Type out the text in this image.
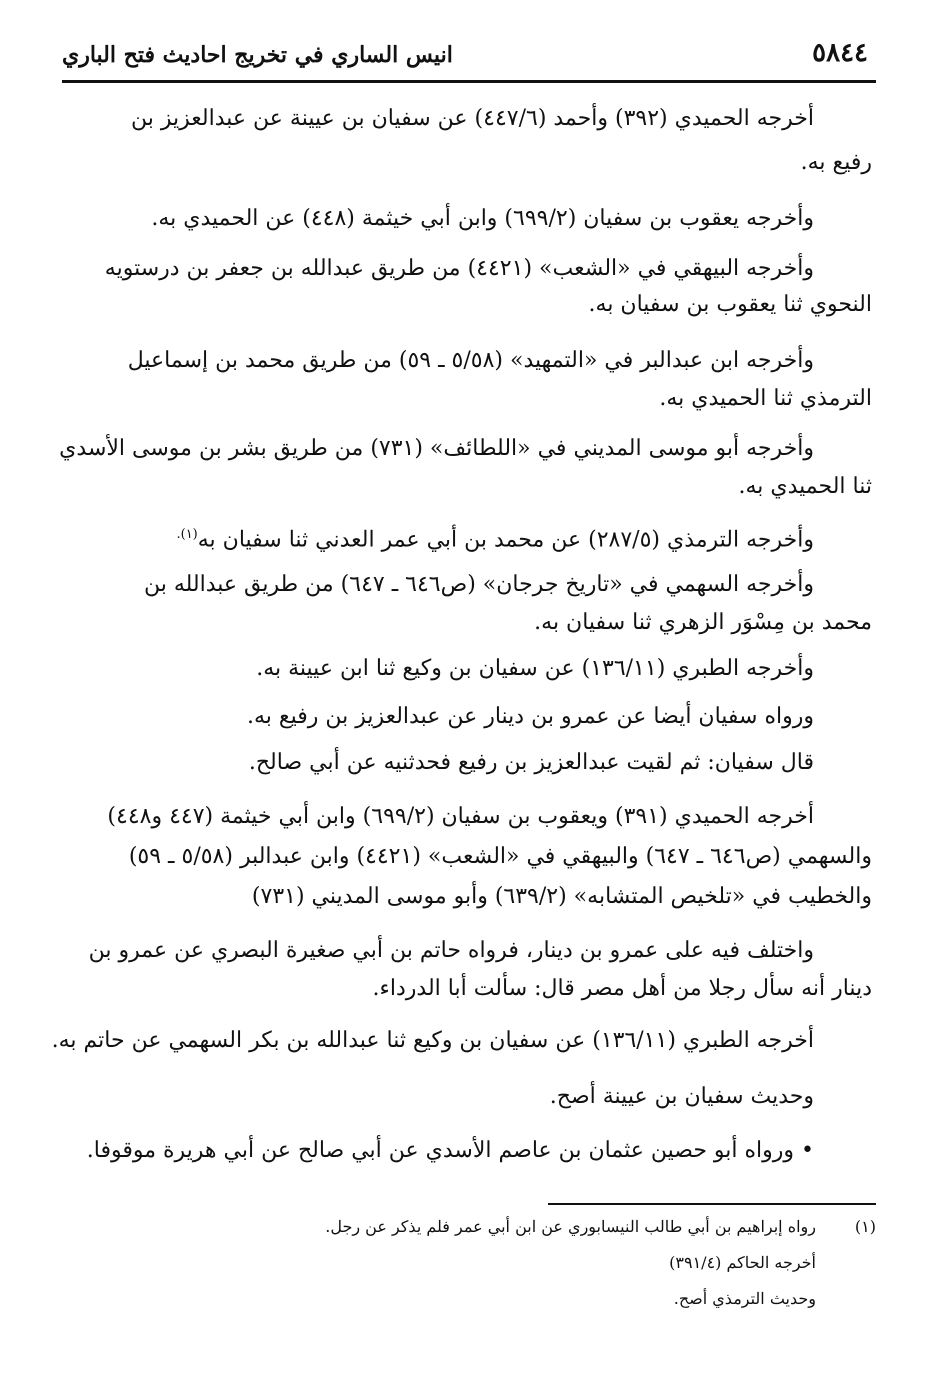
٥٨٤٤
انيس الساري في تخريج احاديث فتح الباري
أخرجه الحميدي (٣٩٢) وأحمد (٤٤٧/٦) عن سفيان بن عيينة عن عبدالعزيز بن
رفيع به.
وأخرجه يعقوب بن سفيان (٦٩٩/٢) وابن أبي خيثمة (٤٤٨) عن الحميدي به.
وأخرجه البيهقي في «الشعب» (٤٤٢١) من طريق عبدالله بن جعفر بن درستويه
النحوي ثنا يعقوب بن سفيان به.
وأخرجه ابن عبدالبر في «التمهيد» (٥/٥٨ ـ ٥٩) من طريق محمد بن إسماعيل
الترمذي ثنا الحميدي به.
وأخرجه أبو موسى المديني في «اللطائف» (٧٣١) من طريق بشر بن موسى الأسدي
ثنا الحميدي به.
وأخرجه الترمذي (٢٨٧/٥) عن محمد بن أبي عمر العدني ثنا سفيان به$^{(١).}$
وأخرجه السهمي في «تاريخ جرجان» (ص٦٤٦ ـ ٦٤٧) من طريق عبدالله بن
محمد بن مِسْوَر الزهري ثنا سفيان به.
وأخرجه الطبري (١٣٦/١١) عن سفيان بن وكيع ثنا ابن عيينة به.
ورواه سفيان أيضا عن عمرو بن دينار عن عبدالعزيز بن رفيع به.
قال سفيان: ثم لقيت عبدالعزيز بن رفيع فحدثنيه عن أبي صالح.
أخرجه الحميدي (٣٩١) ويعقوب بن سفيان (٦٩٩/٢) وابن أبي خيثمة (٤٤٧ و٤٤٨)
والسهمي (ص٦٤٦ ـ ٦٤٧) والبيهقي في «الشعب» (٤٤٢١) وابن عبدالبر (٥/٥٨ ـ ٥٩)
والخطيب في «تلخيص المتشابه» (٦٣٩/٢) وأبو موسى المديني (٧٣١)
واختلف فيه على عمرو بن دينار، فرواه حاتم بن أبي صغيرة البصري عن عمرو بن
دينار أنه سأل رجلا من أهل مصر قال: سألت أبا الدرداء.
أخرجه الطبري (١٣٦/١١) عن سفيان بن وكيع ثنا عبدالله بن بكر السهمي عن حاتم به.
وحديث سفيان بن عيينة أصح.
• ورواه أبو حصين عثمان بن عاصم الأسدي عن أبي صالح عن أبي هريرة موقوفا.
(١)
رواه إبراهيم بن أبي طالب النيسابوري عن ابن أبي عمر فلم يذكر عن رجل.
أخرجه الحاكم (٣٩١/٤)
وحديث الترمذي أصح.
